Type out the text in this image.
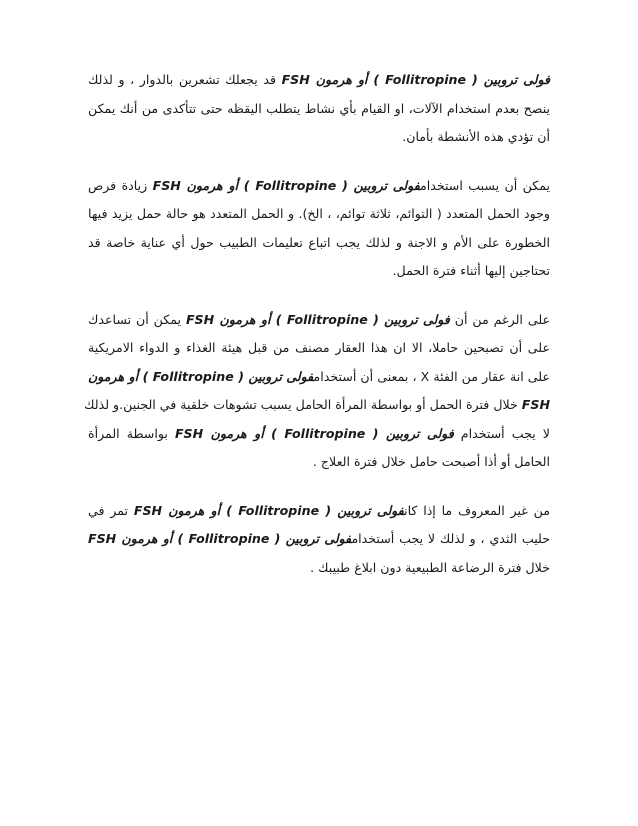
فولى تروبين ( Follitropine ) أو هرمون FSH قد يجعلك تشعرين بالدوار ، و لذلك
ينصح بعدم استخدام الآلات، او القيام بأي نشاط يتطلب اليقظه حتى تتأكدى من أنك يمكن
أن تؤدي هذه الأنشطة بأمان.

يمكن أن يسبب استخدامفولى تروبين ( Follitropine ) أو هرمون FSH زيادة فرص
وجود الحمل المتعدد ( التوائم، ثلاثة توائم، ، الخ). و الحمل المتعدد هو حالة حمل يزيد فيها
الخطورة على الأم و الاجنة و لذلك يجب اتباع تعليمات الطبيب حول أي عناية خاصة قد
تحتاجين إليها أثناء فترة الحمل.

على الرغم من أن فولى تروبين ( Follitropine ) أو هرمون FSH يمكن أن تساعدك
على أن تصبحين حاملا، الا ان هذا العقار مصنف من قبل هيئة الغذاء و الدواء الامريكية
على انة عقار من الفئة X ، بمعنى أن أستخدامفولى تروبين ( Follitropine ) أو هرمون
FSH خلال فترة الحمل أو بواسطة المرأة الحامل يسبب تشوهات خلقية في الجنين.و لذلك
لا يجب أستخدام فولى تروبين ( Follitropine ) أو هرمون FSH بواسطة المرأة
الحامل أو أذا أصبحت حامل خلال فترة العلاج .

من غير المعروف ما إذا كانفولى تروبين ( Follitropine ) أو هرمون FSH تمر في
حليب الثدي ، و لذلك لا يجب أستخدامفولى تروبين ( Follitropine ) أو هرمون FSH
خلال فترة الرضاعة الطبيعية دون ابلاغ طبيبك .
